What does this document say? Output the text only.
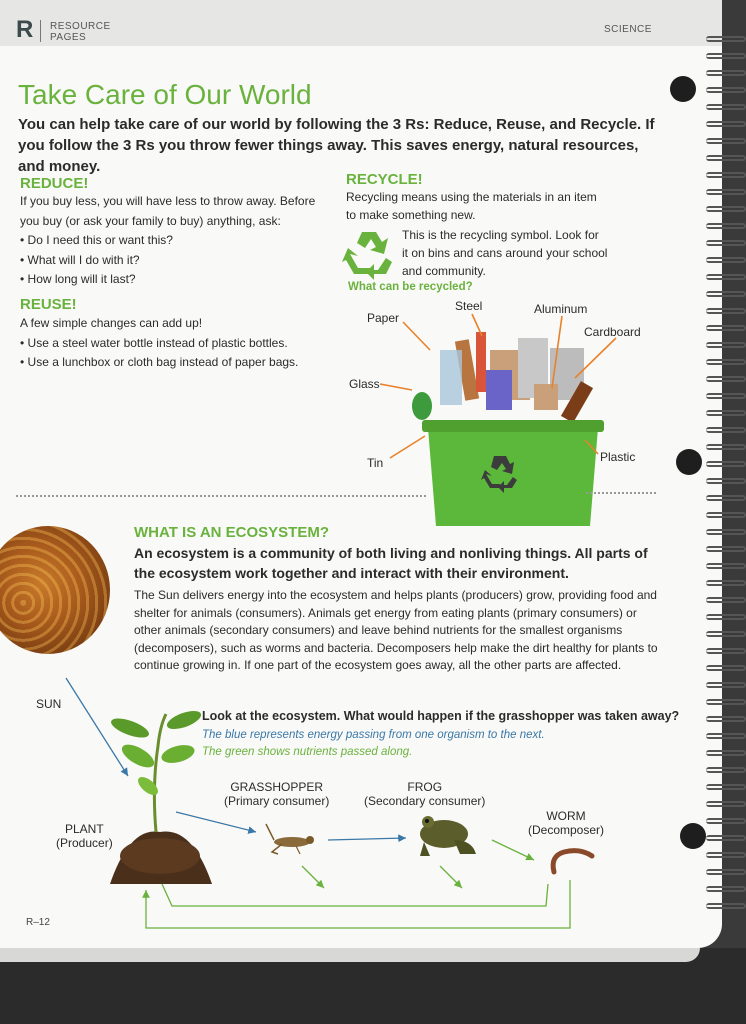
R RESOURCE
PAGES
SCIENCE
Take Care of Our World
You can help take care of our world by following the 3 Rs: Reduce, Reuse, and Recycle. If you follow the 3 Rs you throw fewer things away. This saves energy, natural resources, and money.
REDUCE!
If you buy less, you will have less to throw away. Before
you buy (or ask your family to buy) anything, ask:
• Do I need this or want this?
• What will I do with it?
• How long will it last?
REUSE!
A few simple changes can add up!
• Use a steel water bottle instead of plastic bottles.
• Use a lunchbox or cloth bag instead of paper bags.
RECYCLE!
Recycling means using the materials in an item
to make something new.
This is the recycling symbol. Look for
it on bins and cans around your school
and community.
What can be recycled?
Paper
Steel	Aluminum
Cardboard
Glass
Tin	Plastic
WHAT IS AN ECOSYSTEM?
An ecosystem is a community of both living and nonliving things. All parts of the ecosystem work together and interact with their environment.
The Sun delivers energy into the ecosystem and helps plants (producers) grow, providing food and shelter for animals (consumers). Animals get energy from eating plants (primary consumers) or other animals (secondary consumers) and leave behind nutrients for the smallest organisms (decomposers), such as worms and bacteria. Decomposers help make the dirt healthy for plants to continue growing in. If one part of the ecosystem goes away, all the other parts are affected.
SUN
Look at the ecosystem. What would happen if the grasshopper was taken away?
The blue represents energy passing from one organism to the next.
The green shows nutrients passed along.
PLANT
(Producer)
GRASSHOPPER
(Primary consumer)
FROG
(Secondary consumer)
WORM
(Decomposer)
R–12
